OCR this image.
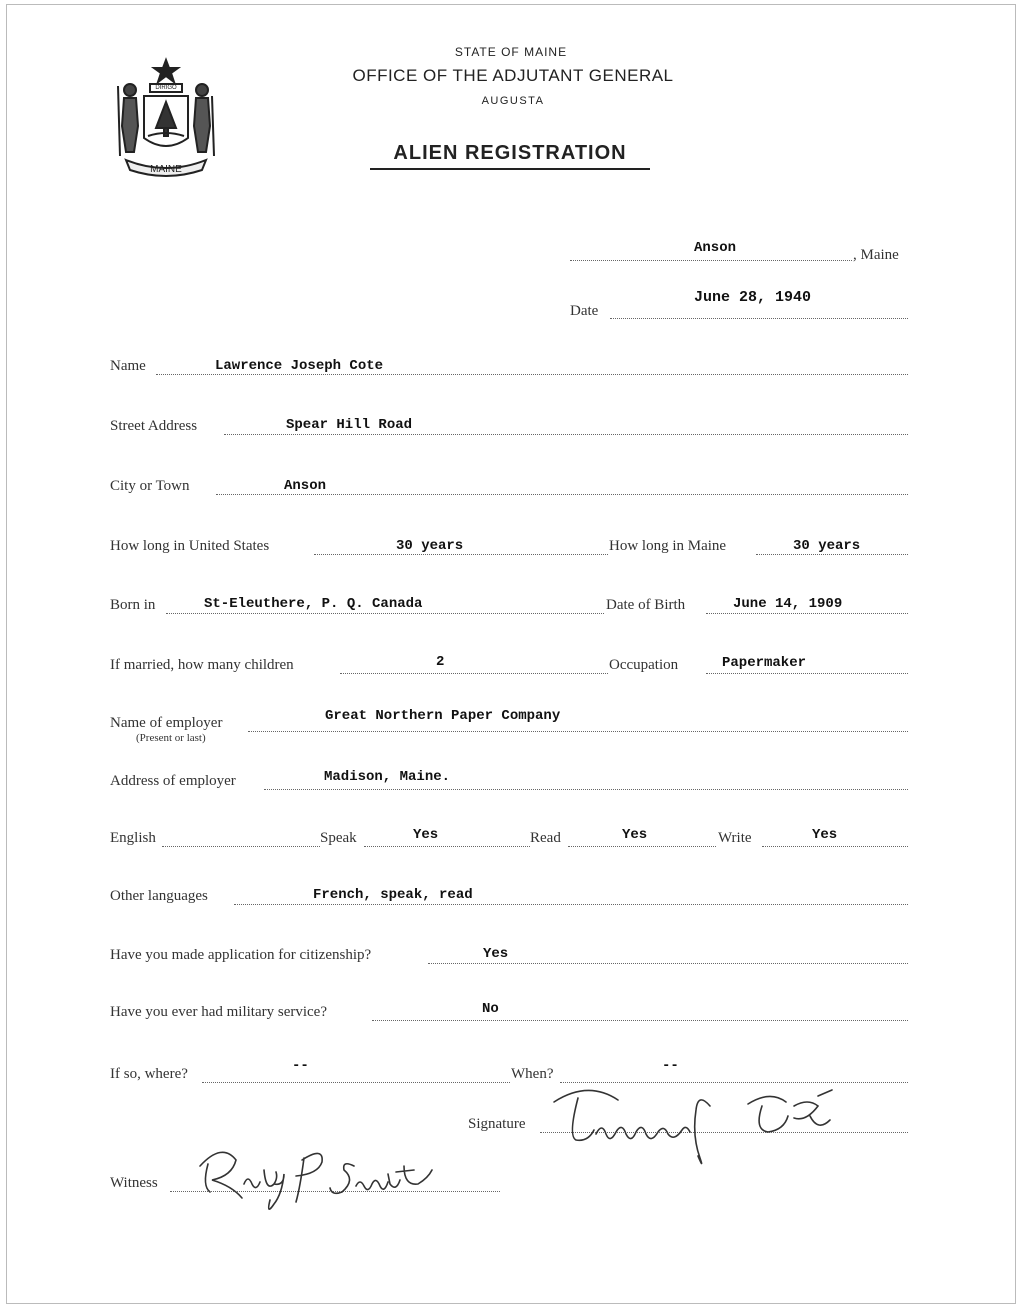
MAINE
DIRIGO
STATE OF MAINE
OFFICE OF THE ADJUTANT GENERAL
AUGUSTA
ALIEN REGISTRATION
Anson	, Maine
Date
June 28, 1940
Name	Lawrence Joseph Cote
Street Address	Spear Hill Road
City or Town	Anson
How long in United States	30 years	How long in Maine	30 years
Born in	St-Eleuthere, P. Q. Canada	Date of Birth	June 14, 1909
If married, how many children	2	Occupation	Papermaker
Name of employer
(Present or last)
Great Northern Paper Company
Address of employer	Madison, Maine.
English	Speak	Yes	Read	Yes	Write	Yes
Other languages	French, speak, read
Have you made application for citizenship?	Yes
Have you ever had military service?	No
If so, where?	--	When?	--
Signature
Witness
